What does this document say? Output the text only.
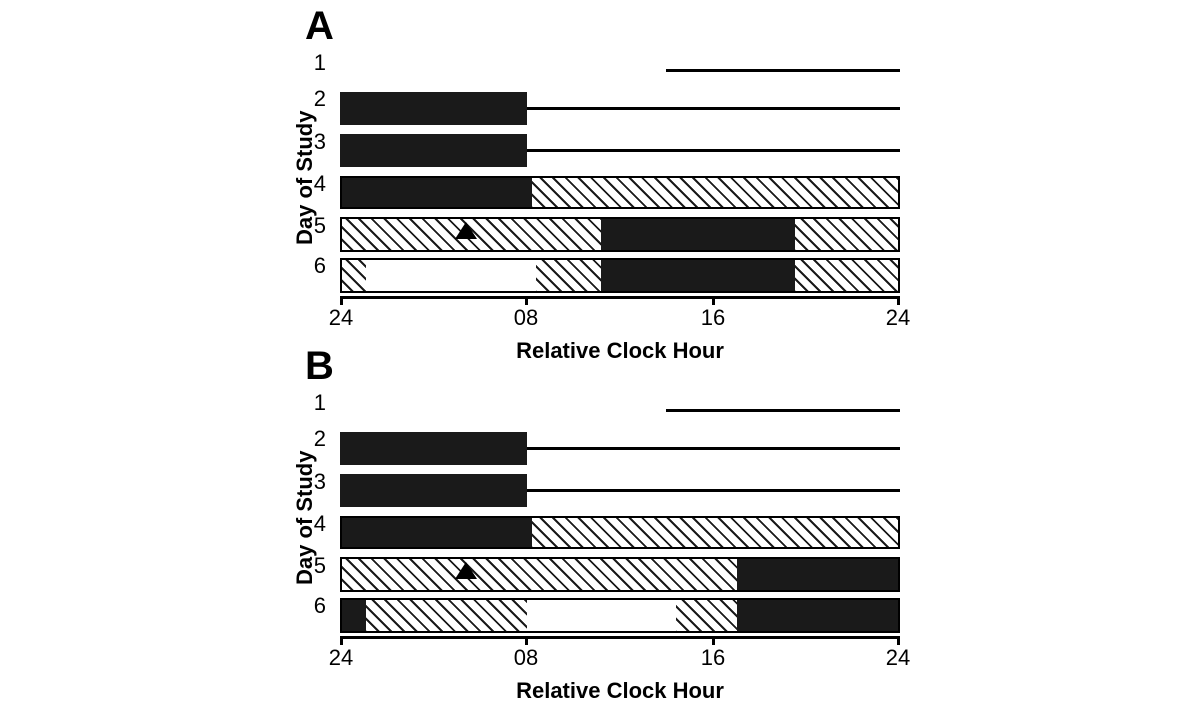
A
Day of Study
1
2
3
4
5
6
24	08	16	24
Relative Clock Hour
B
Day of Study
1
2
3
4
5
6
24	08	16	24
Relative Clock Hour
